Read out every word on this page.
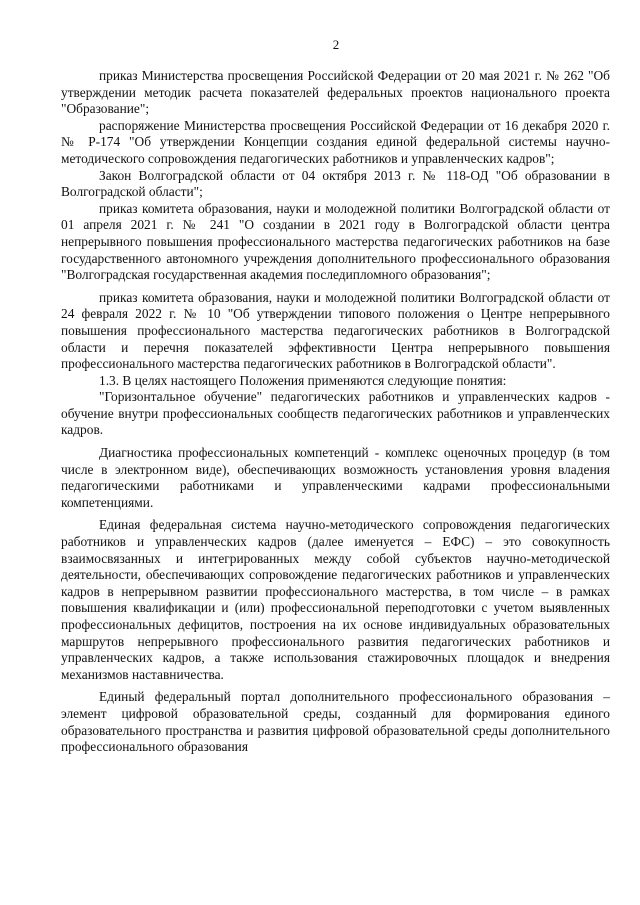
2

приказ Министерства просвещения Российской Федерации от 20 мая 2021 г. № 262 "Об утверждении методик расчета показателей федеральных проектов национального проекта "Образование";

распоряжение Министерства просвещения Российской Федерации от 16 декабря 2020 г. № Р-174 "Об утверждении Концепции создания единой федеральной системы научно-методического сопровождения педагогических работников и управленческих кадров";

Закон Волгоградской области от 04 октября 2013 г. № 118-ОД "Об образовании в Волгоградской области";

приказ комитета образования, науки и молодежной политики Волгоградской области от 01 апреля 2021 г. № 241 "О создании в 2021 году в Волгоградской области центра непрерывного повышения профессионального мастерства педагогических работников на базе государственного автономного учреждения дополнительного профессионального образования "Волгоградская государственная академия последипломного образования";

приказ комитета образования, науки и молодежной политики Волгоградской области от 24 февраля 2022 г. № 10 "Об утверждении типового положения о Центре непрерывного повышения профессионального мастерства педагогических работников в Волгоградской области и перечня показателей эффективности Центра непрерывного повышения профессионального мастерства педагогических работников в Волгоградской области".

1.3. В целях настоящего Положения применяются следующие понятия:

"Горизонтальное обучение" педагогических работников и управленческих кадров - обучение внутри профессиональных сообществ педагогических работников и управленческих кадров.

Диагностика профессиональных компетенций - комплекс оценочных процедур (в том числе в электронном виде), обеспечивающих возможность установления уровня владения педагогическими работниками и управленческими кадрами профессиональными компетенциями.

Единая федеральная система научно-методического сопровождения педагогических работников и управленческих кадров (далее именуется – ЕФС) – это совокупность взаимосвязанных и интегрированных между собой субъектов научно-методической деятельности, обеспечивающих сопровождение педагогических работников и управленческих кадров в непрерывном развитии профессионального мастерства, в том числе – в рамках повышения квалификации и (или) профессиональной переподготовки с учетом выявленных профессиональных дефицитов, построения на их основе индивидуальных образовательных маршрутов непрерывного профессионального развития педагогических работников и управленческих кадров, а также использования стажировочных площадок и внедрения механизмов наставничества.

Единый федеральный портал дополнительного профессионального образования – элемент цифровой образовательной среды, созданный для формирования единого образовательного пространства и развития цифровой образовательной среды дополнительного профессионального образования
